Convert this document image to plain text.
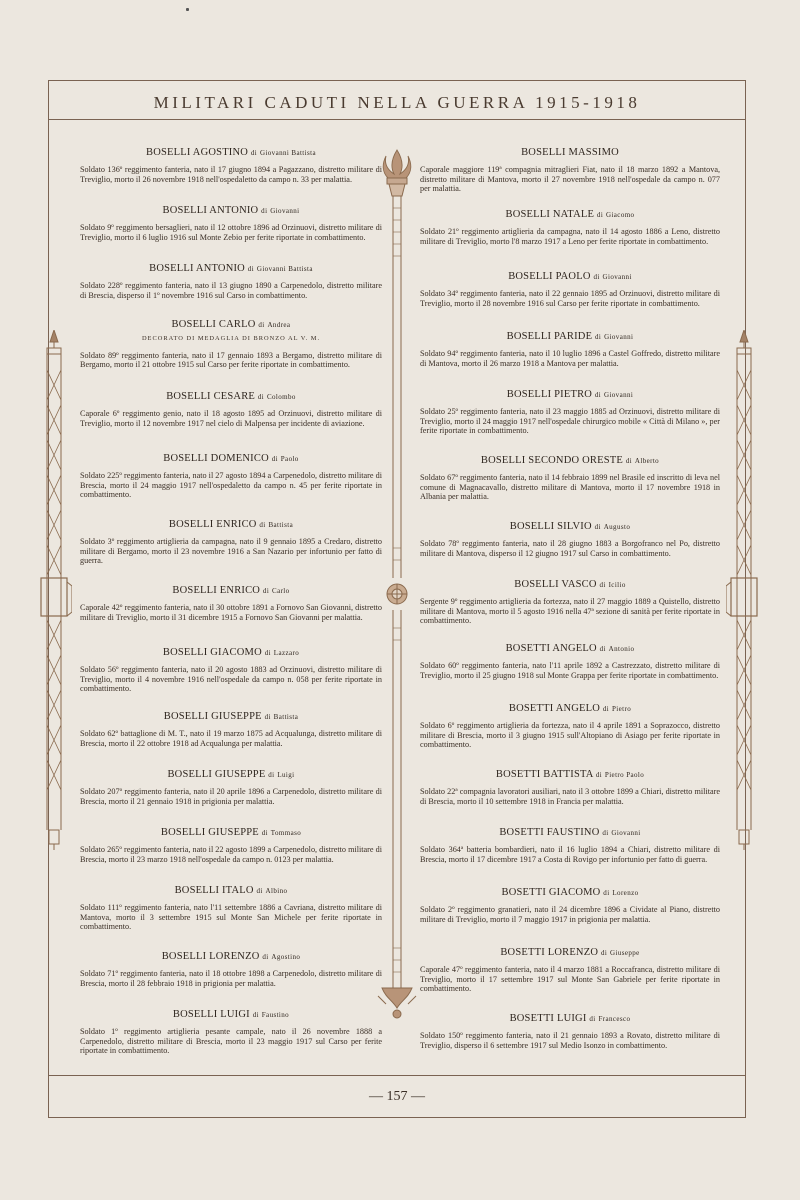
MILITARI CADUTI NELLA GUERRA 1915-1918
BOSELLI AGOSTINO di Giovanni Battista
Soldato 136º reggimento fanteria, nato il 17 giugno 1894 a Pagazzano, distretto militare di Treviglio, morto il 26 novembre 1918 nell'ospedaletto da campo n. 33 per malattia.
BOSELLI ANTONIO di Giovanni
Soldato 9º reggimento bersaglieri, nato il 12 ottobre 1896 ad Orzinuovi, distretto militare di Treviglio, morto il 6 luglio 1916 sul Monte Zebio per ferite riportate in combattimento.
BOSELLI ANTONIO di Giovanni Battista
Soldato 228º reggimento fanteria, nato il 13 giugno 1890 a Carpenedolo, distretto militare di Brescia, disperso il 1º novembre 1916 sul Carso in combattimento.
BOSELLI CARLO di Andrea
DECORATO DI MEDAGLIA DI BRONZO AL V. M.
Soldato 89º reggimento fanteria, nato il 17 gennaio 1893 a Bergamo, distretto militare di Bergamo, morto il 21 ottobre 1915 sul Carso per ferite riportate in combattimento.
BOSELLI CESARE di Colombo
Caporale 6º reggimento genio, nato il 18 agosto 1895 ad Orzinuovi, distretto militare di Treviglio, morto il 12 novembre 1917 nel cielo di Malpensa per incidente di aviazione.
BOSELLI DOMENICO di Paolo
Soldato 225º reggimento fanteria, nato il 27 agosto 1894 a Carpenedolo, distretto militare di Brescia, morto il 24 maggio 1917 nell'ospedaletto da campo n. 45 per ferite riportate in combattimento.
BOSELLI ENRICO di Battista
Soldato 3º reggimento artiglieria da campagna, nato il 9 gennaio 1895 a Credaro, distretto militare di Bergamo, morto il 23 novembre 1916 a San Nazario per infortunio per fatto di guerra.
BOSELLI ENRICO di Carlo
Caporale 42º reggimento fanteria, nato il 30 ottobre 1891 a Fornovo San Giovanni, distretto militare di Treviglio, morto il 31 dicembre 1915 a Fornovo San Giovanni per malattia.
BOSELLI GIACOMO di Lazzaro
Soldato 56º reggimento fanteria, nato il 20 agosto 1883 ad Orzinuovi, distretto militare di Treviglio, morto il 4 novembre 1916 nell'ospedale da campo n. 058 per ferite riportate in combattimento.
BOSELLI GIUSEPPE di Battista
Soldato 62º battaglione di M. T., nato il 19 marzo 1875 ad Acqualunga, distretto militare di Brescia, morto il 22 ottobre 1918 ad Acqualunga per malattia.
BOSELLI GIUSEPPE di Luigi
Soldato 207º reggimento fanteria, nato il 20 aprile 1896 a Carpenedolo, distretto militare di Brescia, morto il 21 gennaio 1918 in prigionia per malattia.
BOSELLI GIUSEPPE di Tommaso
Soldato 265º reggimento fanteria, nato il 22 agosto 1899 a Carpenedolo, distretto militare di Brescia, morto il 23 marzo 1918 nell'ospedale da campo n. 0123 per malattia.
BOSELLI ITALO di Albino
Soldato 111º reggimento fanteria, nato l'11 settembre 1886 a Cavriana, distretto militare di Mantova, morto il 3 settembre 1915 sul Monte San Michele per ferite riportate in combattimento.
BOSELLI LORENZO di Agostino
Soldato 71º reggimento fanteria, nato il 18 ottobre 1898 a Carpenedolo, distretto militare di Brescia, morto il 28 febbraio 1918 in prigionia per malattia.
BOSELLI LUIGI di Faustino
Soldato 1º reggimento artiglieria pesante campale, nato il 26 novembre 1888 a Carpenedolo, distretto militare di Brescia, morto il 23 maggio 1917 sul Carso per ferite riportate in combattimento.
BOSELLI MASSIMO
Caporale maggiore 119ª compagnia mitraglieri Fiat, nato il 18 marzo 1892 a Mantova, distretto militare di Mantova, morto il 27 novembre 1918 nell'ospedale da campo n. 077 per malattia.
BOSELLI NATALE di Giacomo
Soldato 21º reggimento artiglieria da campagna, nato il 14 agosto 1886 a Leno, distretto militare di Treviglio, morto l'8 marzo 1917 a Leno per ferite riportate in combattimento.
BOSELLI PAOLO di Giovanni
Soldato 34º reggimento fanteria, nato il 22 gennaio 1895 ad Orzinuovi, distretto militare di Treviglio, morto il 28 novembre 1916 sul Carso per ferite riportate in combattimento.
BOSELLI PARIDE di Giovanni
Soldato 94º reggimento fanteria, nato il 10 luglio 1896 a Castel Goffredo, distretto militare di Mantova, morto il 26 marzo 1918 a Mantova per malattia.
BOSELLI PIETRO di Giovanni
Soldato 25º reggimento fanteria, nato il 23 maggio 1885 ad Orzinuovi, distretto militare di Treviglio, morto il 24 maggio 1917 nell'ospedale chirurgico mobile « Città di Milano », per ferite riportate in combattimento.
BOSELLI SECONDO ORESTE di Alberto
Soldato 67º reggimento fanteria, nato il 14 febbraio 1899 nel Brasile ed inscritto di leva nel comune di Magnacavallo, distretto militare di Mantova, morto il 17 novembre 1918 in Albania per malattia.
BOSELLI SILVIO di Augusto
Soldato 78º reggimento fanteria, nato il 28 giugno 1883 a Borgofranco nel Po, distretto militare di Mantova, disperso il 12 giugno 1917 sul Carso in combattimento.
BOSELLI VASCO di Icilio
Sergente 9º reggimento artiglieria da fortezza, nato il 27 maggio 1889 a Quistello, distretto militare di Mantova, morto il 5 agosto 1916 nella 47ª sezione di sanità per ferite riportate in combattimento.
BOSETTI ANGELO di Antonio
Soldato 60º reggimento fanteria, nato l'11 aprile 1892 a Castrezzato, distretto militare di Treviglio, morto il 25 giugno 1918 sul Monte Grappa per ferite riportate in combattimento.
BOSETTI ANGELO di Pietro
Soldato 6º reggimento artiglieria da fortezza, nato il 4 aprile 1891 a Soprazocco, distretto militare di Brescia, morto il 3 giugno 1915 sull'Altopiano di Asiago per ferite riportate in combattimento.
BOSETTI BATTISTA di Pietro Paolo
Soldato 22ª compagnia lavoratori ausiliari, nato il 3 ottobre 1899 a Chiari, distretto militare di Brescia, morto il 10 settembre 1918 in Francia per malattia.
BOSETTI FAUSTINO di Giovanni
Soldato 364ª batteria bombardieri, nato il 16 luglio 1894 a Chiari, distretto militare di Brescia, morto il 17 dicembre 1917 a Costa di Rovigo per infortunio per fatto di guerra.
BOSETTI GIACOMO di Lorenzo
Soldato 2º reggimento granatieri, nato il 24 dicembre 1896 a Cividate al Piano, distretto militare di Treviglio, morto il 7 maggio 1917 in prigionia per malattia.
BOSETTI LORENZO di Giuseppe
Caporale 47º reggimento fanteria, nato il 4 marzo 1881 a Roccafranca, distretto militare di Treviglio, morto il 17 settembre 1917 sul Monte San Gabriele per ferite riportate in combattimento.
BOSETTI LUIGI di Francesco
Soldato 150º reggimento fanteria, nato il 21 gennaio 1893 a Rovato, distretto militare di Treviglio, disperso il 6 settembre 1917 sul Medio Isonzo in combattimento.
— 157 —
